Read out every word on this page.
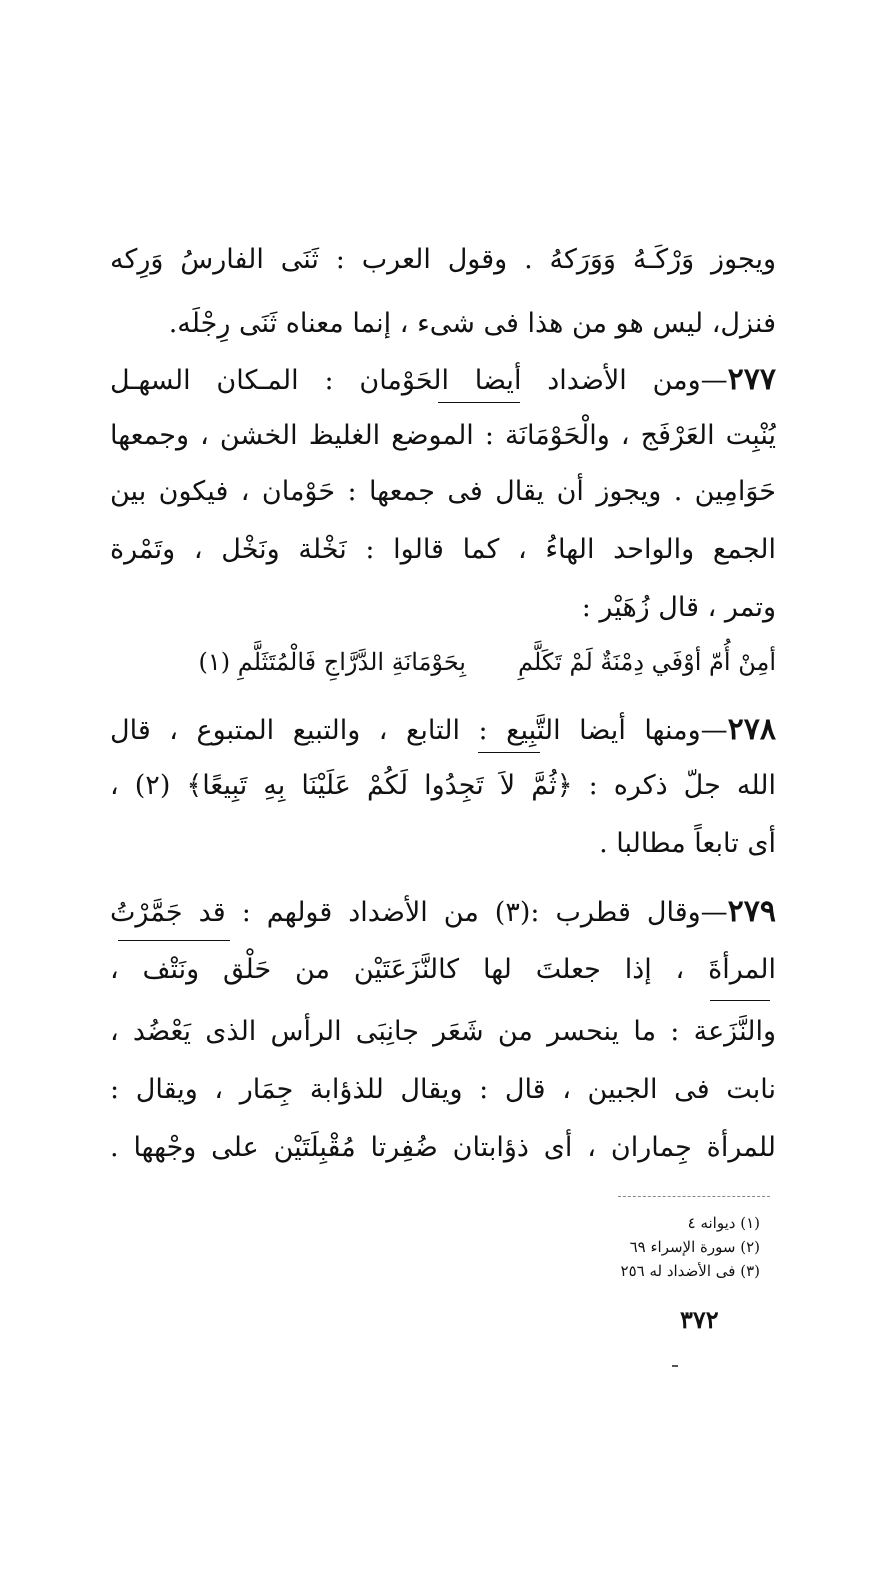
ويجوز وَرْكَـهُ وَوَرَكهُ . وقول العرب : ثَنَى الفارسُ وَرِكه
فنزل، ليس هو من هذا فى شىء ، إنما معناه ثَنَى رِجْلَه.
٢٧٧—ومن الأضداد أيضا الحَوْمان : المـكان السهـل
يُنْبِت العَرْفَج ، والْحَوْمَانَة : الموضع الغليظ الخشن ، وجمعها
حَوَامِين . ويجوز أن يقال فى جمعها : حَوْمان ، فيكون بين
الجمع والواحد الهاءُ ، كما قالوا : نَخْلة ونَخْل ، وتَمْرة
وتمر ، قال زُهَيْر :
أمِنْ أُمّ أوْفَي دِمْنَةٌ لَمْ تَكَلَّمِ
بِحَوْمَانَةِ الدَّرَّاجِ فَالْمُتَثَلَّمِ (١)
٢٧٨—ومنها أيضا التَّبِيع : التابع ، والتبيع المتبوع ، قال
الله جلّ ذكره : ﴿ثُمَّ لاَ تَجِدُوا لَكُمْ عَلَيْنَا بِهِ تَبِيعًا﴾ (٢) ،
أى تابعاً مطالبا .
٢٧٩—وقال قطرب :(٣) من الأضداد قولهم : قد جَمَّرْتُ
المرأةَ ، إذا جعلتَ لها كالنَّزَعَتَيْن من حَلْق ونَتْف ،
والنَّزَعة : ما ينحسر من شَعَر جانِبَى الرأس الذى يَعْضُد ،
نابت فى الجبين ، قال : ويقال للذؤابة جِمَار ، ويقال :
للمرأة جِماران ، أى ذؤابتان ضُفِرتا مُقْبِلَتَيْن على وجْهها .
(١) ديوانه ٤
(٢) سورة الإسراء ٦٩
(٣) فى الأضداد له ٢٥٦
٣٧٢
